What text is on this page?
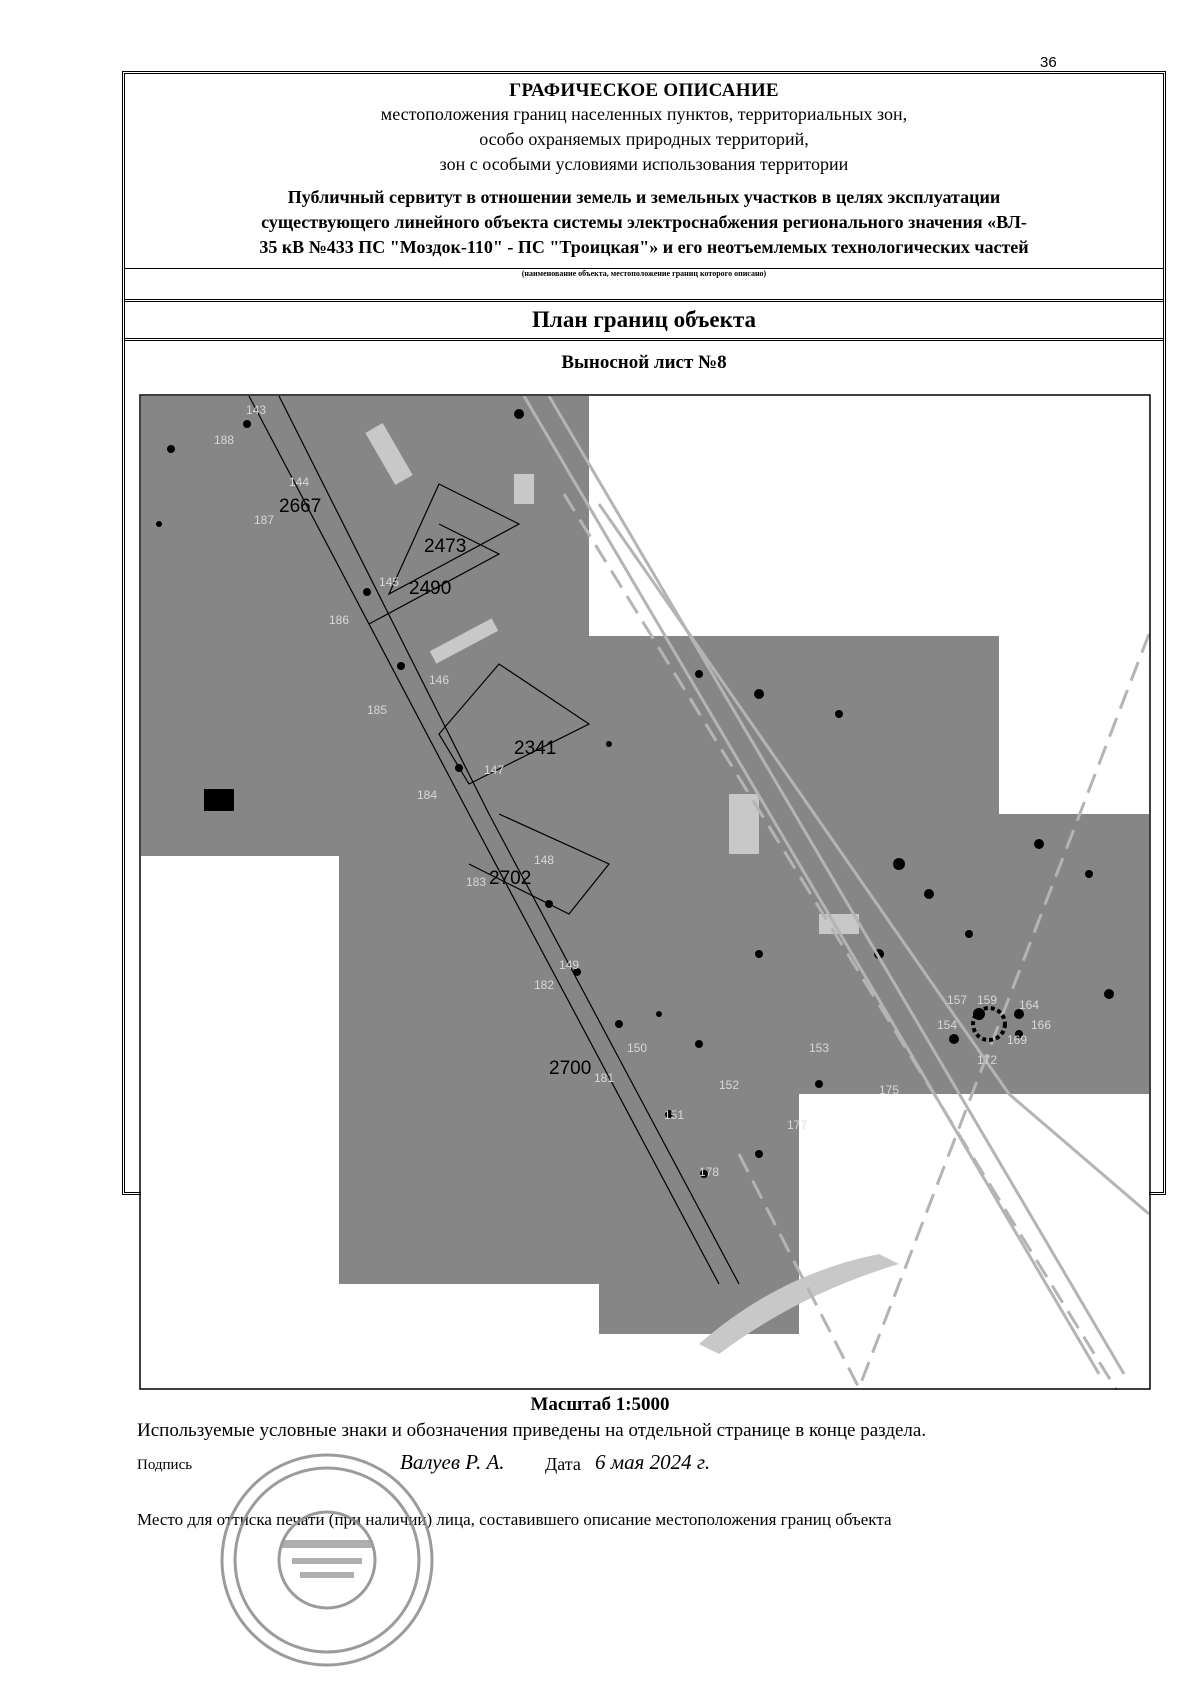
36
ГРАФИЧЕСКОЕ ОПИСАНИЕ
местоположения границ населенных пунктов, территориальных зон,
особо охраняемых природных территорий,
зон с особыми условиями использования территории
Публичный сервитут в отношении земель и земельных участков в целях эксплуатации
существующего линейного объекта системы электроснабжения регионального значения «ВЛ-
35 кВ №433 ПС "Моздок-110" - ПС "Троицкая"» и его неотъемлемых технологических частей
(наименование объекта, местоположение границ которого описано)
План границ объекта
Выносной лист №8
2667
2473
2490
2341
2702
2700
143
144
145
146
147
148
149
150
151
152
153
154
157 159 164
166
169
172
175
177
178
181
182
183
184
185
186
187
188
Масштаб 1:5000
Используемые условные знаки и обозначения приведены на отдельной странице в конце раздела.
Подпись	Валуев Р. А. Дата 6 мая 2024 г.
Место для оттиска печати (при наличии) лица, составившего описание местоположения границ объекта
